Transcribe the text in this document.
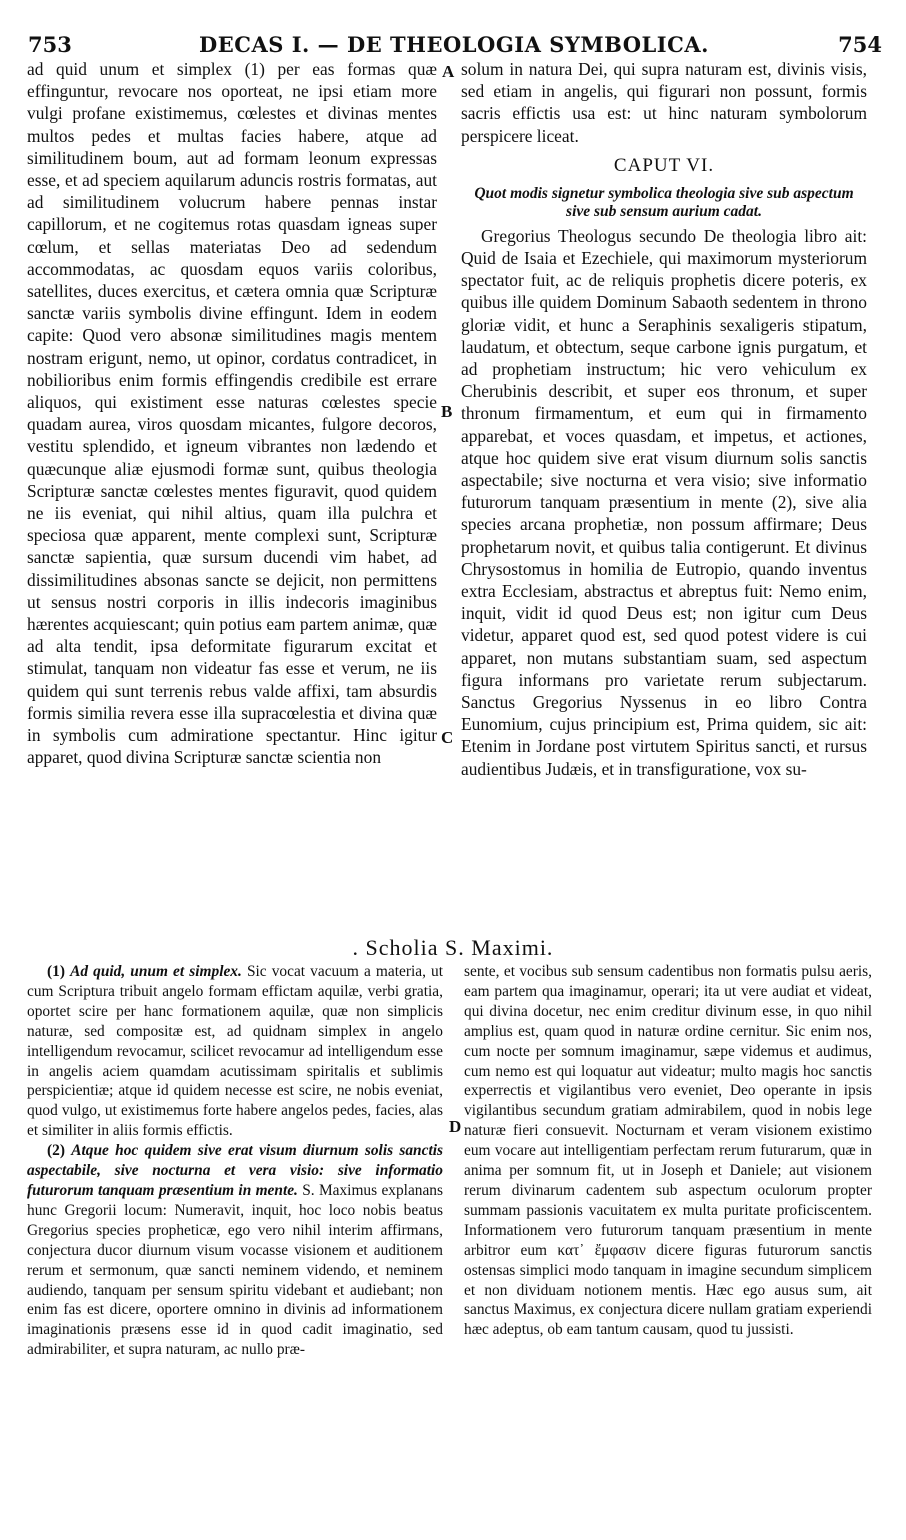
753	DECAS I. — DE THEOLOGIA SYMBOLICA.	754

ad quid unum et simplex (1) per eas formas quæ effinguntur, revocare nos oporteat, ne ipsi etiam more vulgi profane existimemus, cœlestes et divinas mentes multos pedes et multas facies habere, atque ad similitudinem boum, aut ad formam leonum expressas esse, et ad speciem aquilarum aduncis rostris formatas, aut ad similitudinem volucrum habere pennas instar capillorum, et ne cogitemus rotas quasdam igneas super cœlum, et sellas materiatas Deo ad sedendum accommodatas, ac quosdam equos variis coloribus, satellites, duces exercitus, et cætera omnia quæ Scripturæ sanctæ variis symbolis divine effingunt. Idem in eodem capite: Quod vero absonæ similitudines magis mentem nostram erigunt, nemo, ut opinor, cordatus contradicet, in nobilioribus enim formis effingendis credibile est errare aliquos, qui existiment esse naturas cœlestes specie quadam aurea, viros quosdam micantes, fulgore decoros, vestitu splendido, et igneum vibrantes non lædendo et quæcunque aliæ ejusmodi formæ sunt, quibus theologia Scripturæ sanctæ cœlestes mentes figuravit, quod quidem ne iis eveniat, qui nihil altius, quam illa pulchra et speciosa quæ apparent, mente complexi sunt, Scripturæ sanctæ sapientia, quæ sursum ducendi vim habet, ad dissimilitudines absonas sancte se dejicit, non permittens ut sensus nostri corporis in illis indecoris imaginibus hærentes acquiescant; quin potius eam partem animæ, quæ ad alta tendit, ipsa deformitate figurarum excitat et stimulat, tanquam non videatur fas esse et verum, ne iis quidem qui sunt terrenis rebus valde affixi, tam absurdis formis similia revera esse illa supracœlestia et divina quæ in symbolis cum admiratione spectantur. Hinc igitur apparet, quod divina Scripturæ sanctæ scientia non

A
B
C
D

solum in natura Dei, qui supra naturam est, divinis visis, sed etiam in angelis, qui figurari non possunt, formis sacris effictis usa est: ut hinc naturam symbolorum perspicere liceat.

CAPUT VI.
Quot modis signetur symbolica theologia sive sub aspectum sive sub sensum aurium cadat.

Gregorius Theologus secundo De theologia libro ait: Quid de Isaia et Ezechiele, qui maximorum mysteriorum spectator fuit, ac de reliquis prophetis dicere poteris, ex quibus ille quidem Dominum Sabaoth sedentem in throno gloriæ vidit, et hunc a Seraphinis sexaligeris stipatum, laudatum, et obtectum, seque carbone ignis purgatum, et ad prophetiam instructum; hic vero vehiculum ex Cherubinis describit, et super eos thronum, et super thronum firmamentum, et eum qui in firmamento apparebat, et voces quasdam, et impetus, et actiones, atque hoc quidem sive erat visum diurnum solis sanctis aspectabile; sive nocturna et vera visio; sive informatio futurorum tanquam præsentium in mente (2), sive alia species arcana prophetiæ, non possum affirmare; Deus prophetarum novit, et quibus talia contigerunt. Et divinus Chrysostomus in homilia de Eutropio, quando inventus extra Ecclesiam, abstractus et abreptus fuit: Nemo enim, inquit, vidit id quod Deus est; non igitur cum Deus videtur, apparet quod est, sed quod potest videre is cui apparet, non mutans substantiam suam, sed aspectum figura informans pro varietate rerum subjectarum. Sanctus Gregorius Nyssenus in eo libro Contra Eunomium, cujus principium est, Prima quidem, sic ait: Etenim in Jordane post virtutem Spiritus sancti, et rursus audientibus Judæis, et in transfiguratione, vox su-

. Scholia S. Maximi.

(1) Ad quid, unum et simplex. Sic vocat vacuum a materia, ut cum Scriptura tribuit angelo formam effictam aquilæ, verbi gratia, oportet scire per hanc formationem aquilæ, quæ non simplicis naturæ, sed compositæ est, ad quidnam simplex in angelo intelligendum revocamur, scilicet revocamur ad intelligendum esse in angelis aciem quamdam acutissimam spiritalis et sublimis perspicientiæ; atque id quidem necesse est scire, ne nobis eveniat, quod vulgo, ut existimemus forte habere angelos pedes, facies, alas et similiter in aliis formis effictis.

(2) Atque hoc quidem sive erat visum diurnum solis sanctis aspectabile, sive nocturna et vera visio: sive informatio futurorum tanquam præsentium in mente. S. Maximus explanans hunc Gregorii locum: Numeravit, inquit, hoc loco nobis beatus Gregorius species propheticæ, ego vero nihil interim affirmans, conjectura ducor diurnum visum vocasse visionem et auditionem rerum et sermonum, quæ sancti neminem videndo, et neminem audiendo, tanquam per sensum spiritu videbant et audiebant; non enim fas est dicere, oportere omnino in divinis ad informationem imaginationis præsens esse id in quod cadit imaginatio, sed admirabiliter, et supra naturam, ac nullo præ-

sente, et vocibus sub sensum cadentibus non formatis pulsu aeris, eam partem qua imaginamur, operari; ita ut vere audiat et videat, qui divina docetur, nec enim creditur divinum esse, in quo nihil amplius est, quam quod in naturæ ordine cernitur. Sic enim nos, cum nocte per somnum imaginamur, sæpe videmus et audimus, cum nemo est qui loquatur aut videatur; multo magis hoc sanctis experrectis et vigilantibus vero eveniet, Deo operante in ipsis vigilantibus secundum gratiam admirabilem, quod in nobis lege naturæ fieri consuevit. Nocturnam et veram visionem existimo eum vocare aut intelligentiam perfectam rerum futurarum, quæ in anima per somnum fit, ut in Joseph et Daniele; aut visionem rerum divinarum cadentem sub aspectum oculorum propter summam passionis vacuitatem ex multa puritate proficiscentem. Informationem vero futurorum tanquam præsentium in mente arbitror eum κατ᾽ ἔμφασιν dicere figuras futurorum sanctis ostensas simplici modo tanquam in imagine secundum simplicem et non dividuam notionem mentis. Hæc ego ausus sum, ait sanctus Maximus, ex conjectura dicere nullam gratiam experiendi hæc adeptus, ob eam tantum causam, quod tu jussisti.
